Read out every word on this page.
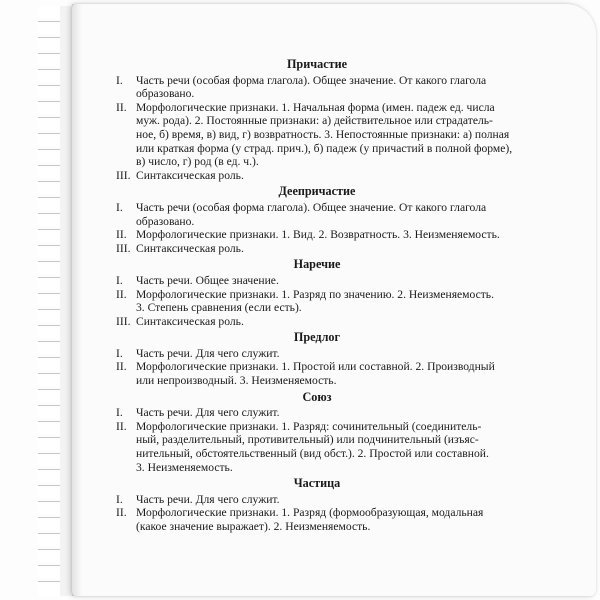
Причастие
I.	Часть речи (особая форма глагола). Общее значение. От какого глагола
образовано.
II. Морфологические признаки. 1. Начальная форма (имен. падеж ед. числа
муж. рода). 2. Постоянные признаки: а) действительное или страдатель-
ное, б) время, в) вид, г) возвратность. 3. Непостоянные признаки: а) полная
или краткая форма (у страд. прич.), б) падеж (у причастий в полной форме),
в) число, г) род (в ед. ч.).
III. Синтаксическая роль.
Деепричастие
I.	Часть речи (особая форма глагола). Общее значение. От какого глагола
образовано.
II. Морфологические признаки. 1. Вид. 2. Возвратность. 3. Неизменяемость.
III. Синтаксическая роль.
Наречие
I.	Часть речи. Общее значение.
II. Морфологические признаки. 1. Разряд по значению. 2. Неизменяемость.
3. Степень сравнения (если есть).
III. Синтаксическая роль.
Предлог
I.	Часть речи. Для чего служит.
II. Морфологические признаки. 1. Простой или составной. 2. Производный
или непроизводный. 3. Неизменяемость.
Союз
I.	Часть речи. Для чего служит.
II. Морфологические признаки. 1. Разряд: сочинительный (соединитель-
ный, разделительный, противительный) или подчинительный (изъяс-
нительный, обстоятельственный (вид обст.). 2. Простой или составной.
3. Неизменяемость.
Частица
I.	Часть речи. Для чего служит.
II. Морфологические признаки. 1. Разряд (формообразующая, модальная
(какое значение выражает). 2. Неизменяемость.
